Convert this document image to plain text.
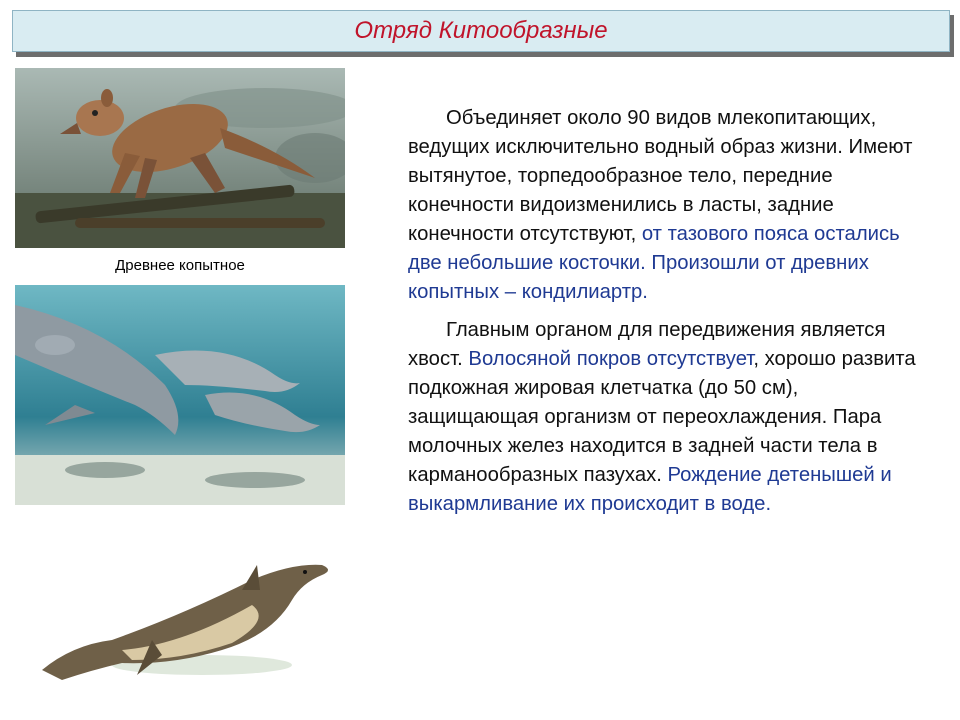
Отряд Китообразные
Древнее копытное

Объединяет около 90 видов млекопитающих, ведущих исключительно водный образ жизни. Имеют вытянутое, торпедообразное тело, передние конечности видоизменились в ласты, задние конечности отсутствуют, от тазового пояса остались две небольшие косточки. Произошли от древних копытных – кондилиартр.

Главным органом для передвижения является хвост. Волосяной покров отсутствует, хорошо развита подкожная жировая клетчатка (до 50 см), защищающая организм от переохлаждения. Пара молочных желез находится в задней части тела в карманообразных пазухах. Рождение детенышей и выкармливание их происходит в воде.
